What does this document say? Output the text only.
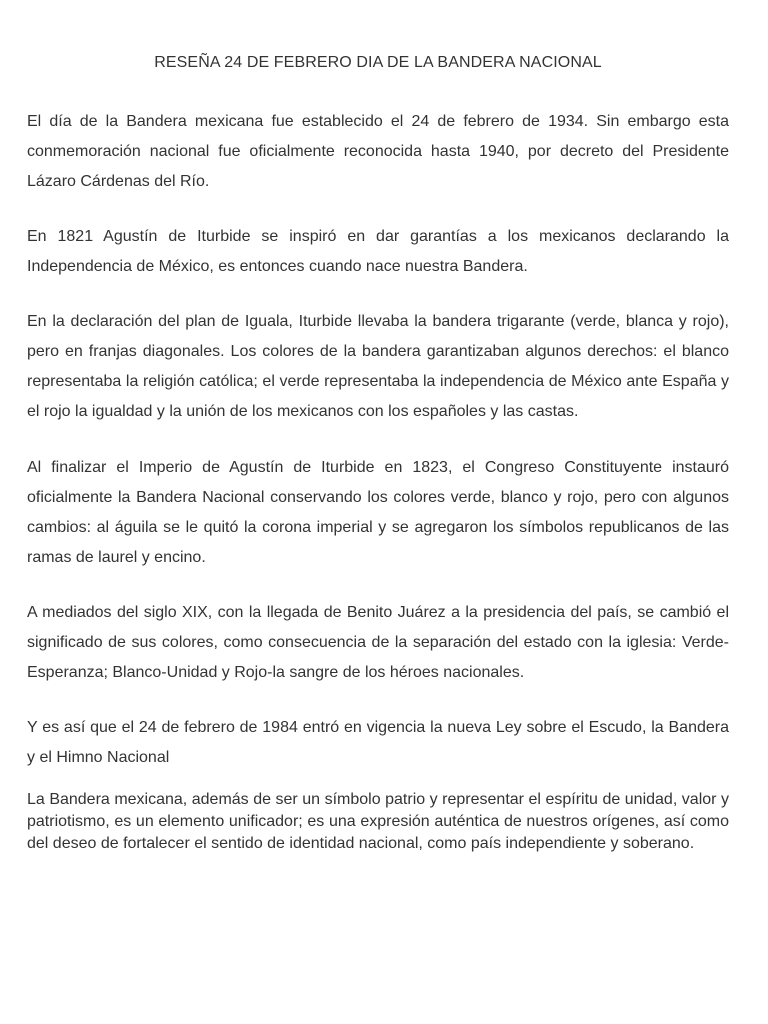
RESEÑA 24 DE FEBRERO DIA DE LA BANDERA NACIONAL

El día de la Bandera mexicana fue establecido el 24 de febrero de 1934. Sin embargo esta conmemoración nacional fue oficialmente reconocida hasta 1940, por decreto del Presidente Lázaro Cárdenas del Río.

En 1821 Agustín de Iturbide se inspiró en dar garantías a los mexicanos declarando la Independencia de México, es entonces cuando nace nuestra Bandera.

En la declaración del plan de Iguala, Iturbide llevaba la bandera trigarante (verde, blanca y rojo), pero en franjas diagonales. Los colores de la bandera garantizaban algunos derechos: el blanco representaba la religión católica; el verde representaba la independencia de México ante España y el rojo la igualdad y la unión de los mexicanos con los españoles y las castas.

Al finalizar el Imperio de Agustín de Iturbide en 1823, el Congreso Constituyente instauró oficialmente la Bandera Nacional conservando los colores verde, blanco y rojo, pero con algunos cambios: al águila se le quitó la corona imperial y se agregaron los símbolos republicanos de las ramas de laurel y encino.

A mediados del siglo XIX, con la llegada de Benito Juárez a la presidencia del país, se cambió el significado de sus colores, como consecuencia de la separación del estado con la iglesia: Verde-Esperanza; Blanco-Unidad y Rojo-la sangre de los héroes nacionales.

Y es así que el 24 de febrero de 1984 entró en vigencia la nueva Ley sobre el Escudo, la Bandera y el Himno Nacional

La Bandera mexicana, además de ser un símbolo patrio y representar el espíritu de unidad, valor y patriotismo, es un elemento unificador; es una expresión auténtica de nuestros orígenes, así como del deseo de fortalecer el sentido de identidad nacional, como país independiente y soberano.
